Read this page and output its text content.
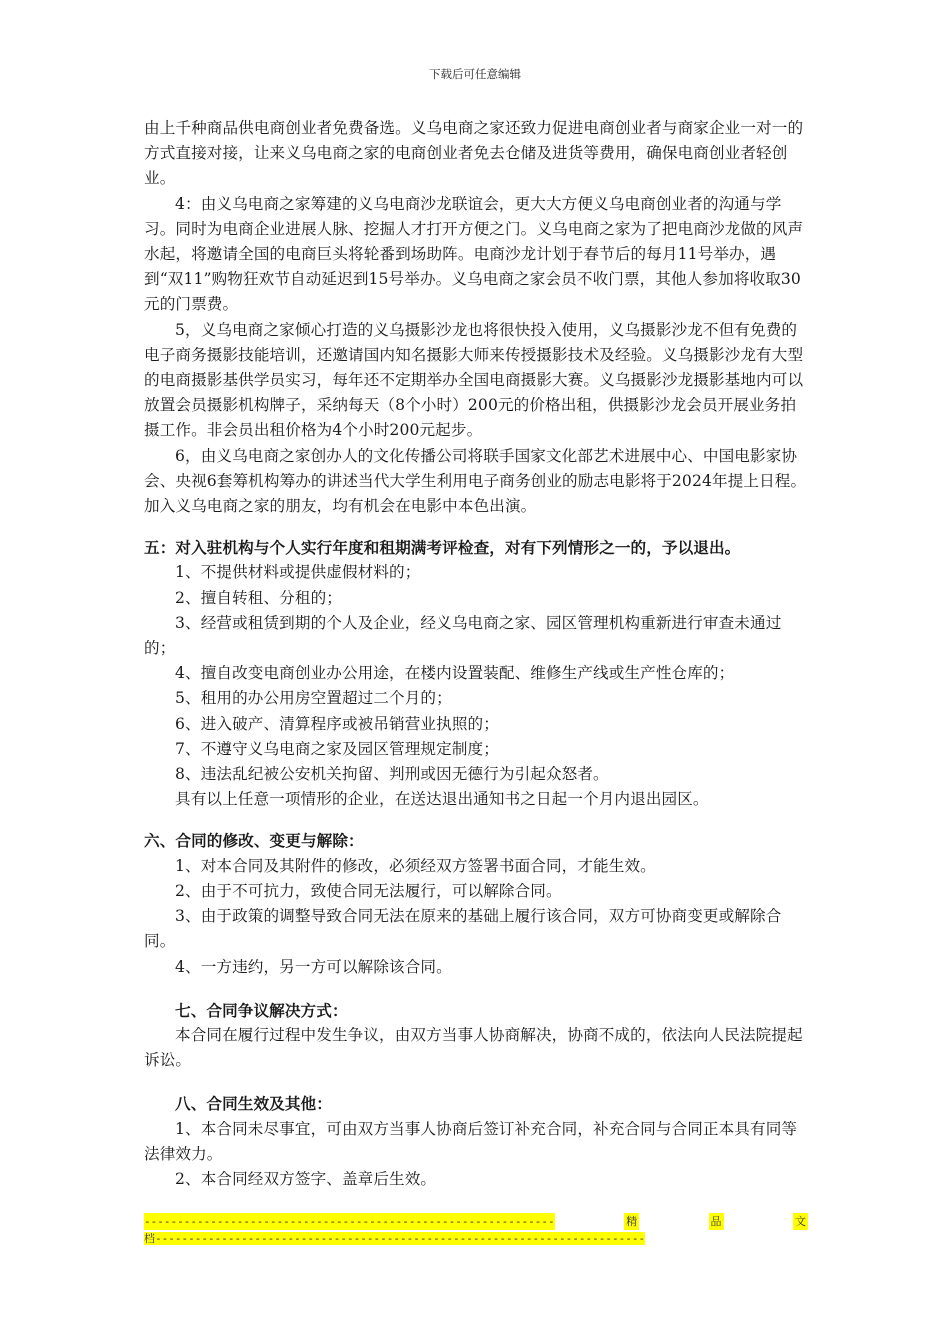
下载后可任意编辑

由上千种商品供电商创业者免费备选。义乌电商之家还致力促进电商创业者与商家企业一对一的方式直接对接，让来义乌电商之家的电商创业者免去仓储及进货等费用，确保电商创业者轻创业。

4：由义乌电商之家筹建的义乌电商沙龙联谊会，更大大方便义乌电商创业者的沟通与学习。同时为电商企业进展人脉、挖掘人才打开方便之门。义乌电商之家为了把电商沙龙做的风声水起，将邀请全国的电商巨头将轮番到场助阵。电商沙龙计划于春节后的每月11号举办，遇到“双11”购物狂欢节自动延迟到15号举办。义乌电商之家会员不收门票，其他人参加将收取30元的门票费。

5，义乌电商之家倾心打造的义乌摄影沙龙也将很快投入使用，义乌摄影沙龙不但有免费的电子商务摄影技能培训，还邀请国内知名摄影大师来传授摄影技术及经验。义乌摄影沙龙有大型的电商摄影基供学员实习，每年还不定期举办全国电商摄影大赛。义乌摄影沙龙摄影基地内可以放置会员摄影机构牌子，采纳每天（8个小时）200元的价格出租，供摄影沙龙会员开展业务拍摄工作。非会员出租价格为4个小时200元起步。

6，由义乌电商之家创办人的文化传播公司将联手国家文化部艺术进展中心、中国电影家协会、央视6套筹机构筹办的讲述当代大学生利用电子商务创业的励志电影将于2024年提上日程。加入义乌电商之家的朋友，均有机会在电影中本色出演。

五：对入驻机构与个人实行年度和租期满考评检查，对有下列情形之一的，予以退出。

1、不提供材料或提供虚假材料的；

2、擅自转租、分租的；

3、经营或租赁到期的个人及企业，经义乌电商之家、园区管理机构重新进行审查未通过的；

4、擅自改变电商创业办公用途，在楼内设置装配、维修生产线或生产性仓库的；

5、租用的办公用房空置超过二个月的；

6、进入破产、清算程序或被吊销营业执照的；

7、不遵守义乌电商之家及园区管理规定制度；

8、违法乱纪被公安机关拘留、判刑或因无德行为引起众怒者。

具有以上任意一项情形的企业，在送达退出通知书之日起一个月内退出园区。

六、合同的修改、变更与解除：

1、对本合同及其附件的修改，必须经双方签署书面合同，才能生效。

2、由于不可抗力，致使合同无法履行，可以解除合同。

3、由于政策的调整导致合同无法在原来的基础上履行该合同，双方可协商变更或解除合同。

4、一方违约，另一方可以解除该合同。

七、合同争议解决方式：

本合同在履行过程中发生争议，由双方当事人协商解决，协商不成的，依法向人民法院提起诉讼。

八、合同生效及其他：

1、本合同未尽事宜，可由双方当事人协商后签订补充合同，补充合同与合同正本具有同等法律效力。

2、本合同经双方签字、盖章后生效。

--------------------------------------------------------------	精	品	文
档--------------------------------------------------------------------------
